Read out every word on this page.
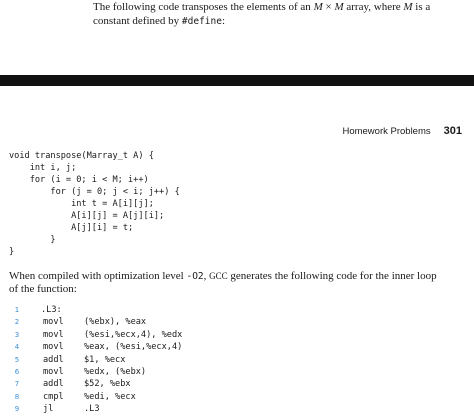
The following code transposes the elements of an M × M array, where M is a constant defined by #define:

Homework Problems 301
void transpose(Marray_t A) {
int i, j;
for (i = 0; i < M; i++)
for (j = 0; j < i; j++) {
int t = A[i][j];
A[i][j] = A[j][i];
A[j][i] = t;
}
}

When compiled with optimization level -O2, GCC generates the following code for the inner loop of the function:

1	.L3:
2	movl (%ebx), %eax
3	movl (%esi,%ecx,4), %edx
4	movl %eax, (%esi,%ecx,4)
5	addl $1, %ecx
6	movl %edx, (%ebx)
7	addl $52, %ebx
8	cmpl %edi, %ecx
9	jl	.L3
